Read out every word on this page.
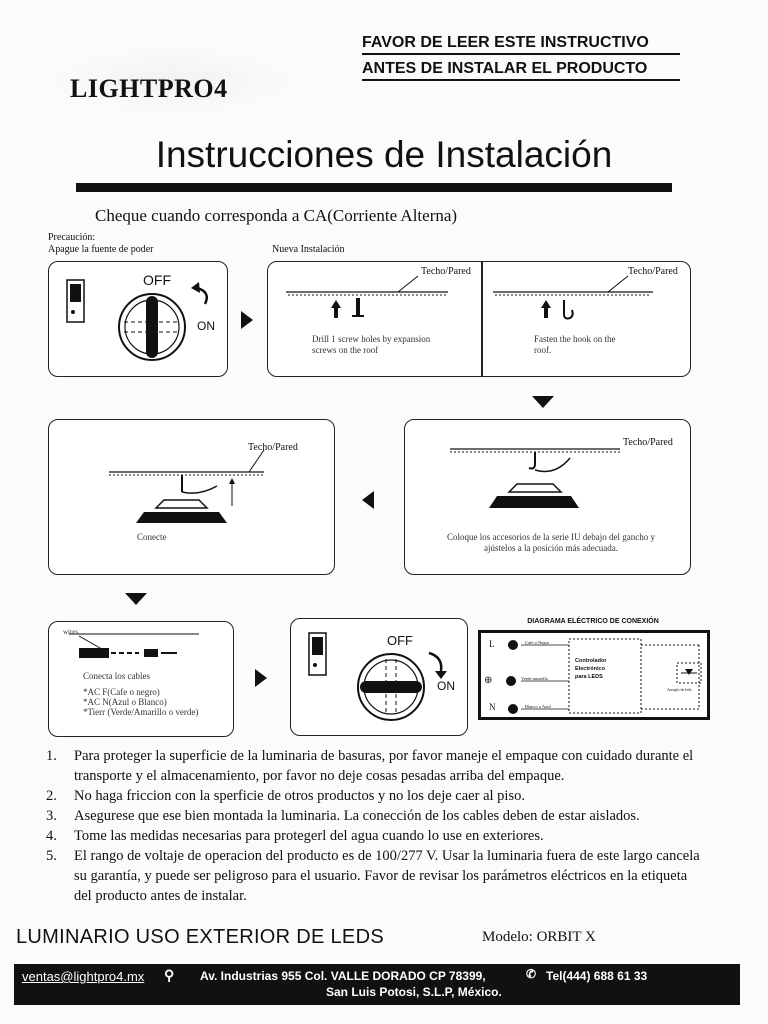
FAVOR DE LEER ESTE INSTRUCTIVO
ANTES DE INSTALAR EL PRODUCTO
LIGHTPRO4
Instrucciones de Instalación
Cheque cuando corresponda a CA(Corriente Alterna)
Precaución:
Apague la fuente de poder	Nueva Instalación
OFF
ON
Techo/Pared	Techo/Pared
Drill 1 screw holes by expansion screws on the roof
Fasten the hook on the roof.
Techo/Pared
Conecte
Techo/Pared
Coloque los accesorios de la serie IU debajo del gancho y ajústelos a la posición más adecuada.
wires
Conecta los cables
*AC F(Cafe o negro)
*AC N(Azul o Blanco)
*Tierr (Verde/Amarillo o verde)
OFF
ON
DIAGRAMA ELÉCTRICO DE CONEXIÓN
L
N
⊕
Cafe o Negro
Verde-amarillo
Blanco o Azul
Controlador
Electrónico
para LEDS
Arreglo de leds
1.	Para proteger la superficie de la luminaria de basuras, por favor maneje el empaque con cuidado durante el transporte y el almacenamiento, por favor no deje cosas pesadas arriba del empaque.
2.	No haga friccion con la sperficie de otros productos y no los deje caer al piso.
3.	Asegurese que ese bien montada la luminaria. La conección de los cables deben de estar aislados.
4.	Tome las medidas necesarias para protegerl del agua cuando lo use en exteriores.
5.	El rango de voltaje de operacion del producto es de 100/277 V. Usar la luminaria fuera de este largo cancela su garantía, y puede ser peligroso para el usuario. Favor de revisar los parámetros eléctricos en la etiqueta del producto antes de instalar.
LUMINARIO USO EXTERIOR DE LEDS	Modelo: ORBIT X
ventas@lightpro4.mx ⚲ Av. Industrias 955 Col. VALLE DORADO CP 78399,	✆ Tel(444) 688 61 33
San Luis Potosi, S.L.P, México.
